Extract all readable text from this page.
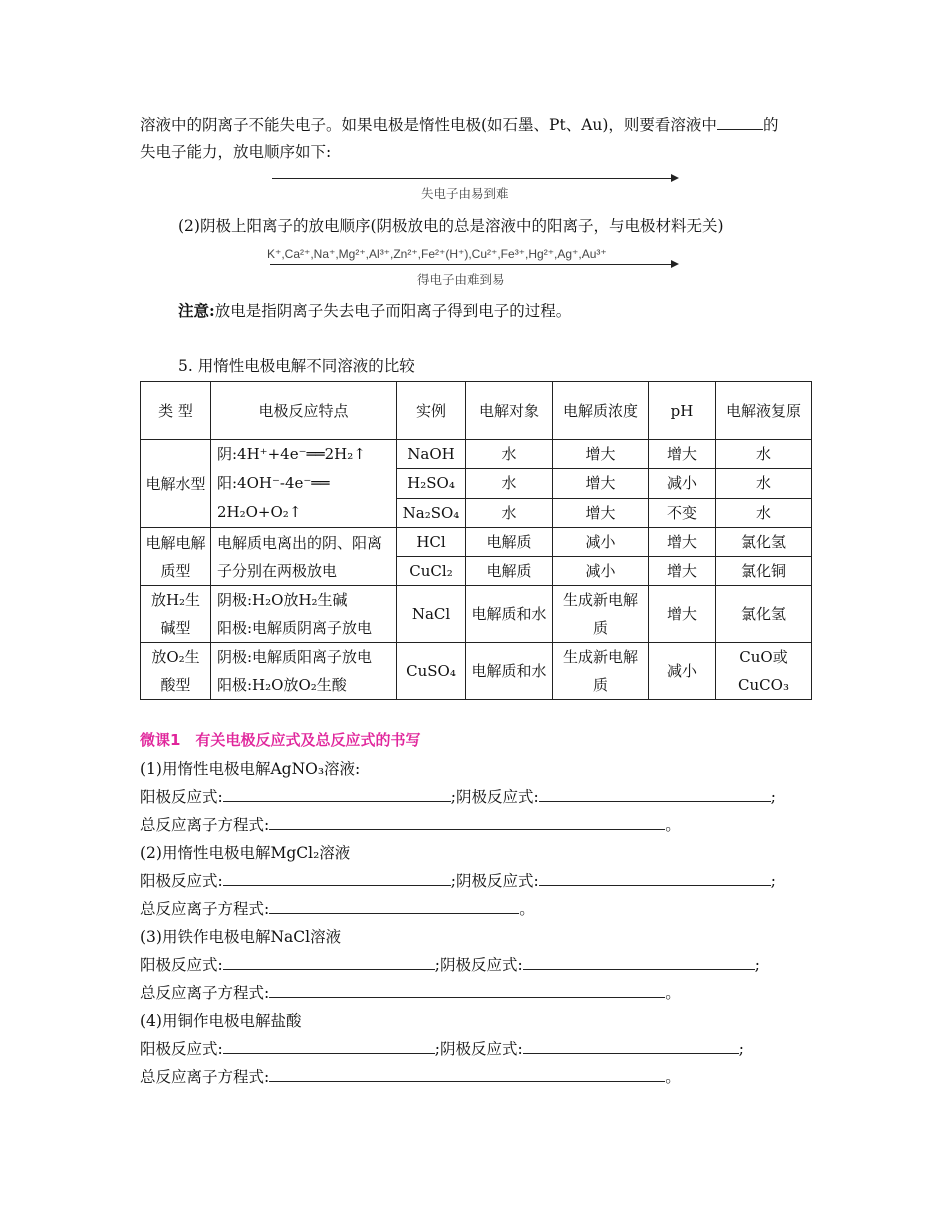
溶液中的阴离子不能失电子。如果电极是惰性电极(如石墨、Pt、Au)，则要看溶液中	的
失电子能力，放电顺序如下:
失电子由易到难
(2)阴极上阳离子的放电顺序(阴极放电的总是溶液中的阳离子，与电极材料无关)
K⁺,Ca²⁺,Na⁺,Mg²⁺,Al³⁺,Zn²⁺,Fe²⁺(H⁺),Cu²⁺,Fe³⁺,Hg²⁺,Ag⁺,Au³⁺
得电子由难到易
注意:放电是指阴离子失去电子而阳离子得到电子的过程。
5. 用惰性电极电解不同溶液的比较
类 型	电极反应特点	实例	电解对象	电解质浓度	pH	电解液复原
电解水型	阴:4H⁺+4e⁻══2H₂↑
阳:4OH⁻-4e⁻══
2H₂O+O₂↑	NaOH	水	增大	增大	水
		H₂SO₄	水	增大	减小	水
		Na₂SO₄	水	增大	不变	水
电解电解质型	电解质电离出的阴、阳离子分别在两极放电	HCl	电解质	减小	增大	氯化氢
		CuCl₂	电解质	减小	增大	氯化铜
放H₂生碱型	阴极:H₂O放H₂生碱
阳极:电解质阴离子放电	NaCl	电解质和水	生成新电解质	增大	氯化氢
放O₂生酸型	阴极:电解质阳离子放电
阳极:H₂O放O₂生酸	CuSO₄	电解质和水	生成新电解质	减小	CuO或CuCO₃
微课1　有关电极反应式及总反应式的书写
(1)用惰性电极电解AgNO₃溶液:
阳极反应式:	;阴极反应式:	;
总反应离子方程式:	。
(2)用惰性电极电解MgCl₂溶液
阳极反应式:	;阴极反应式:	;
总反应离子方程式:	。
(3)用铁作电极电解NaCl溶液
阳极反应式:	;阴极反应式:	;
总反应离子方程式:	。
(4)用铜作电极电解盐酸
阳极反应式:	;阴极反应式:	;
总反应离子方程式:	。
